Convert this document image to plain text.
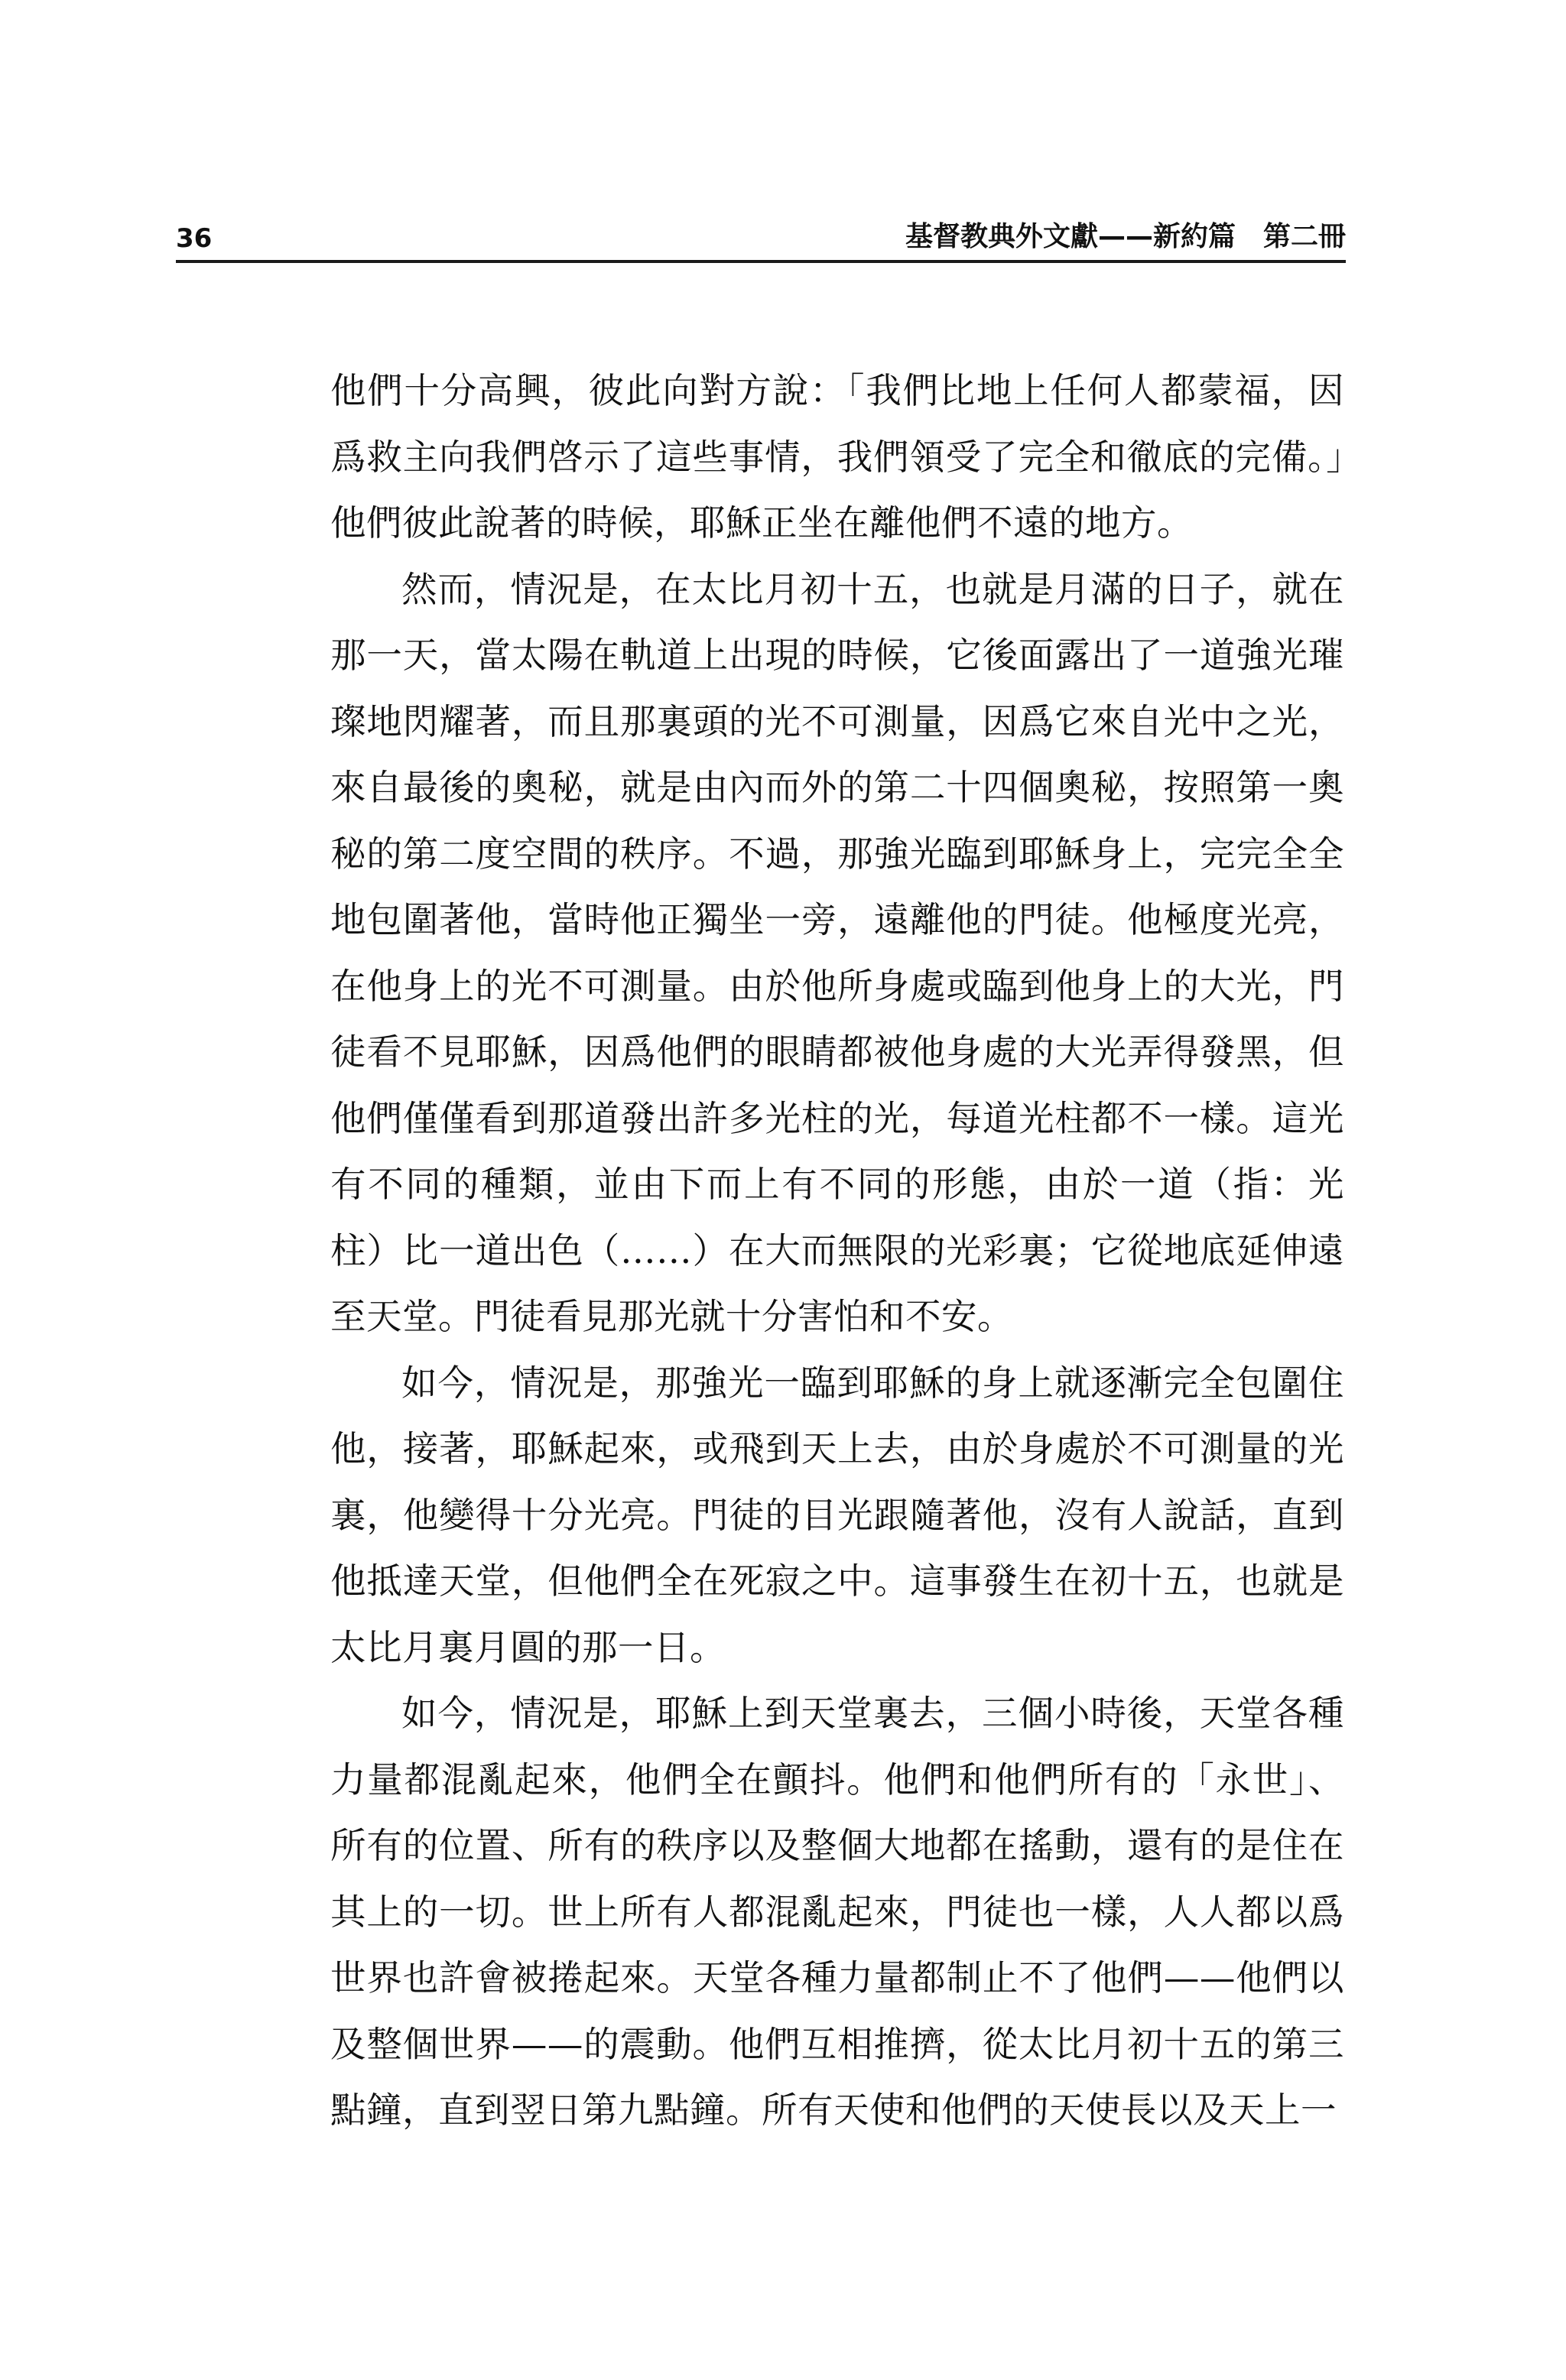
36	基督教典外文獻——新約篇　第二冊

他們十分高興，彼此向對方說：「我們比地上任何人都蒙福，因爲救主向我們啓示了這些事情，我們領受了完全和徹底的完備。」他們彼此說著的時候，耶穌正坐在離他們不遠的地方。

然而，情況是，在太比月初十五，也就是月滿的日子，就在那一天，當太陽在軌道上出現的時候，它後面露出了一道強光璀璨地閃耀著，而且那裏頭的光不可測量，因爲它來自光中之光，來自最後的奧秘，就是由內而外的第二十四個奧秘，按照第一奧秘的第二度空間的秩序。不過，那強光臨到耶穌身上，完完全全地包圍著他，當時他正獨坐一旁，遠離他的門徒。他極度光亮，在他身上的光不可測量。由於他所身處或臨到他身上的大光，門徒看不見耶穌，因爲他們的眼睛都被他身處的大光弄得發黑，但他們僅僅看到那道發出許多光柱的光，每道光柱都不一樣。這光有不同的種類，並由下而上有不同的形態，由於一道（指：光柱）比一道出色（……）在大而無限的光彩裏；它從地底延伸遠至天堂。門徒看見那光就十分害怕和不安。

如今，情況是，那強光一臨到耶穌的身上就逐漸完全包圍住他，接著，耶穌起來，或飛到天上去，由於身處於不可測量的光裏，他變得十分光亮。門徒的目光跟隨著他，沒有人說話，直到他抵達天堂，但他們全在死寂之中。這事發生在初十五，也就是太比月裏月圓的那一日。

如今，情況是，耶穌上到天堂裏去，三個小時後，天堂各種力量都混亂起來，他們全在顫抖。他們和他們所有的「永世」、所有的位置、所有的秩序以及整個大地都在搖動，還有的是住在其上的一切。世上所有人都混亂起來，門徒也一樣，人人都以爲世界也許會被捲起來。天堂各種力量都制止不了他們——他們以及整個世界——的震動。他們互相推擠，從太比月初十五的第三點鐘，直到翌日第九點鐘。所有天使和他們的天使長以及天上一
